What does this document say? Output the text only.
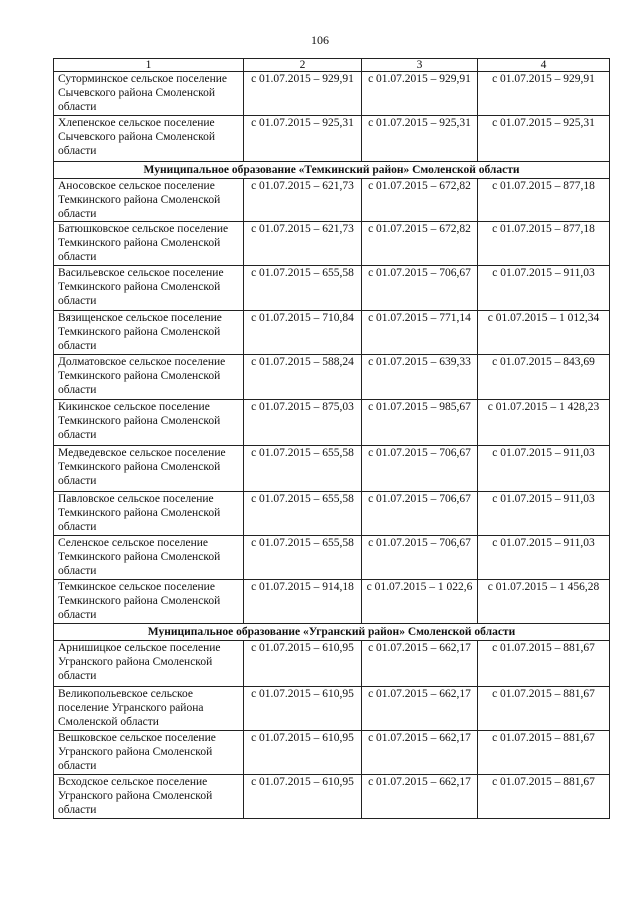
106
1	2	3	4
Суторминское сельское поселение Сычевского района Смоленской области	с 01.07.2015 – 929,91	с 01.07.2015 – 929,91	с 01.07.2015 – 929,91
Хлепенское сельское поселение Сычевского района Смоленской области	с 01.07.2015 – 925,31	с 01.07.2015 – 925,31	с 01.07.2015 – 925,31
Муниципальное образование «Темкинский район» Смоленской области			
Аносовское сельское поселение Темкинского района Смоленской области	с 01.07.2015 – 621,73	с 01.07.2015 – 672,82	с 01.07.2015 – 877,18
Батюшковское сельское поселение Темкинского района Смоленской области	с 01.07.2015 – 621,73	с 01.07.2015 – 672,82	с 01.07.2015 – 877,18
Васильевское сельское поселение Темкинского района Смоленской области	с 01.07.2015 – 655,58	с 01.07.2015 – 706,67	с 01.07.2015 – 911,03
Вязищенское сельское поселение Темкинского района Смоленской области	с 01.07.2015 – 710,84	с 01.07.2015 – 771,14	с 01.07.2015 – 1 012,34
Долматовское сельское поселение Темкинского района Смоленской области	с 01.07.2015 – 588,24	с 01.07.2015 – 639,33	с 01.07.2015 – 843,69
Кикинское сельское поселение Темкинского района Смоленской области	с 01.07.2015 – 875,03	с 01.07.2015 – 985,67	с 01.07.2015 – 1 428,23
Медведевское сельское поселение Темкинского района Смоленской области	с 01.07.2015 – 655,58	с 01.07.2015 – 706,67	с 01.07.2015 – 911,03
Павловское сельское поселение Темкинского района Смоленской области	с 01.07.2015 – 655,58	с 01.07.2015 – 706,67	с 01.07.2015 – 911,03
Селенское сельское поселение Темкинского района Смоленской области	с 01.07.2015 – 655,58	с 01.07.2015 – 706,67	с 01.07.2015 – 911,03
Темкинское сельское поселение Темкинского района Смоленской области	с 01.07.2015 – 914,18	с 01.07.2015 – 1 022,6	с 01.07.2015 – 1 456,28
Муниципальное образование «Угранский район» Смоленской области			
Арнишицкое сельское поселение Угранского района Смоленской области	с 01.07.2015 – 610,95	с 01.07.2015 – 662,17	с 01.07.2015 – 881,67
Великопольевское сельское поселение Угранского района Смоленской области	с 01.07.2015 – 610,95	с 01.07.2015 – 662,17	с 01.07.2015 – 881,67
Вешковское сельское поселение Угранского района Смоленской области	с 01.07.2015 – 610,95	с 01.07.2015 – 662,17	с 01.07.2015 – 881,67
Всходское сельское поселение Угранского района Смоленской области	с 01.07.2015 – 610,95	с 01.07.2015 – 662,17	с 01.07.2015 – 881,67
